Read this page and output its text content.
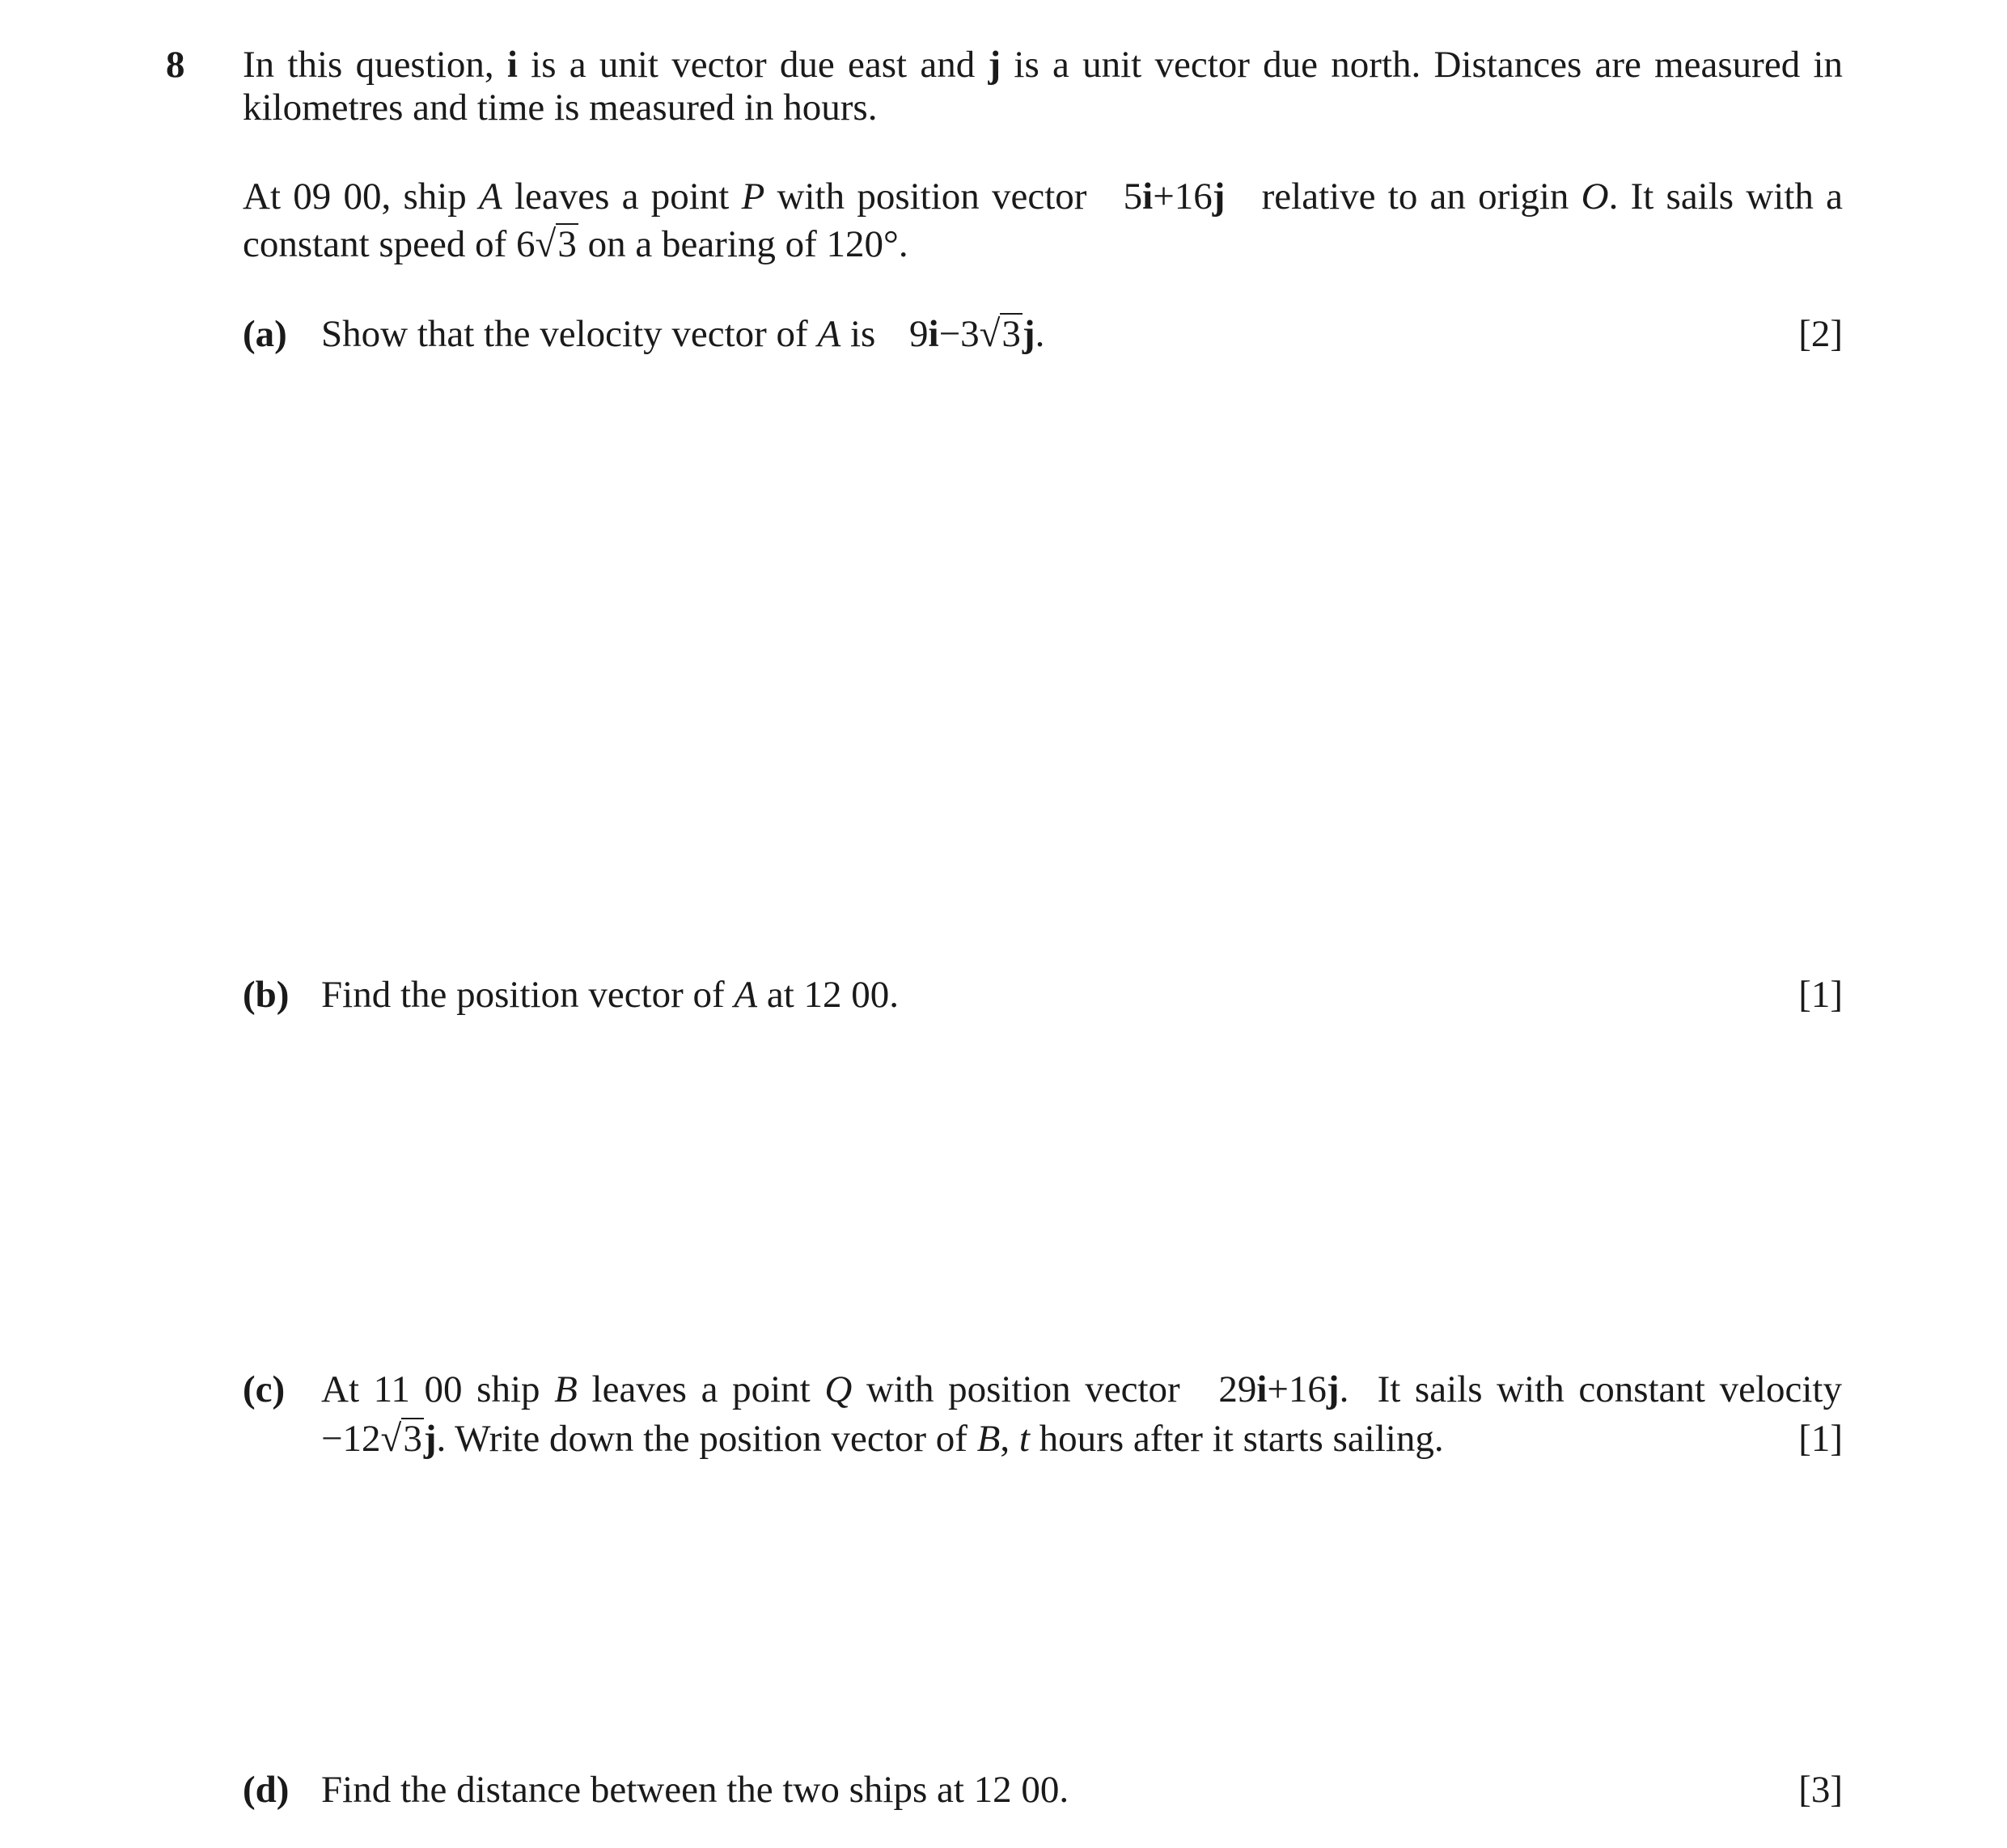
8 In this question, i is a unit vector due east and j is a unit vector due north. Distances are measured in
kilometres and time is measured in hours.
At 09 00, ship A leaves a point P with position vector 5i+16j relative to an origin O. It sails with a
constant speed of 6√3 on a bearing of 120°.
(a) Show that the velocity vector of A is 9i−3√3j.	[2]
(b) Find the position vector of A at 12 00.	[1]
(c) At 11 00 ship B leaves a point Q with position vector 29i+16j.  It sails with constant velocity
−12√3j. Write down the position vector of B, t hours after it starts sailing.	[1]
(d) Find the distance between the two ships at 12 00.	[3]
